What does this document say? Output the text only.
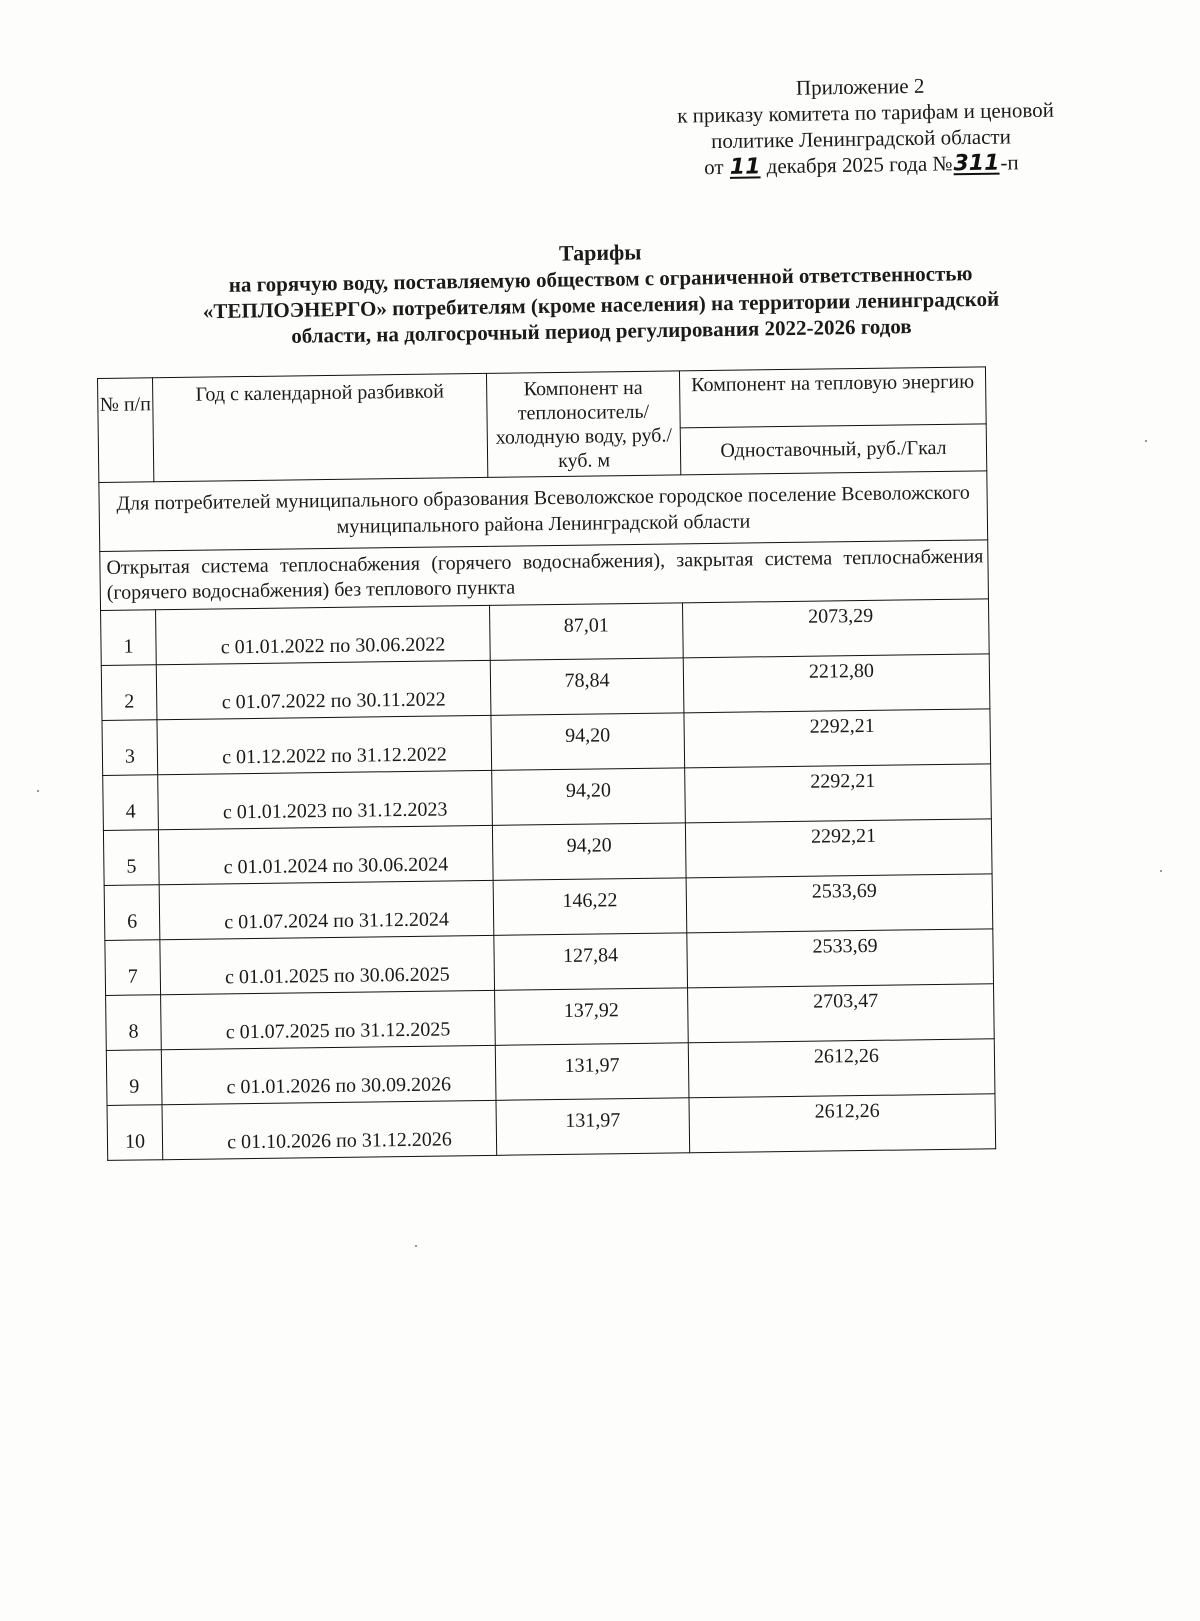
Приложение 2
к приказу комитета по тарифам и ценовой
политике Ленинградской области
от 11 декабря 2025 года №311-п
Тарифы
на горячую воду, поставляемую обществом с ограниченной ответственностью
«ТЕПЛОЭНЕРГО» потребителям (кроме населения) на территории ленинградской
области, на долгосрочный период регулирования 2022-2026 годов
№ п/п	Год с календарной разбивкой	Компонент на теплоноситель/холодную воду, руб./куб. м	Компонент на тепловую энергию
			Одноставочный, руб./Гкал
Для потребителей муниципального образования Всеволожское городское поселение Всеволожского муниципального района Ленинградской области			
Открытая система теплоснабжения (горячего водоснабжения), закрытая система теплоснабжения (горячего водоснабжения) без теплового пункта			
1	с 01.01.2022 по 30.06.2022	87,01	2073,29
2	с 01.07.2022 по 30.11.2022	78,84	2212,80
3	с 01.12.2022 по 31.12.2022	94,20	2292,21
4	с 01.01.2023 по 31.12.2023	94,20	2292,21
5	с 01.01.2024 по 30.06.2024	94,20	2292,21
6	с 01.07.2024 по 31.12.2024	146,22	2533,69
7	с 01.01.2025 по 30.06.2025	127,84	2533,69
8	с 01.07.2025 по 31.12.2025	137,92	2703,47
9	с 01.01.2026 по 30.09.2026	131,97	2612,26
10	с 01.10.2026 по 31.12.2026	131,97	2612,26
